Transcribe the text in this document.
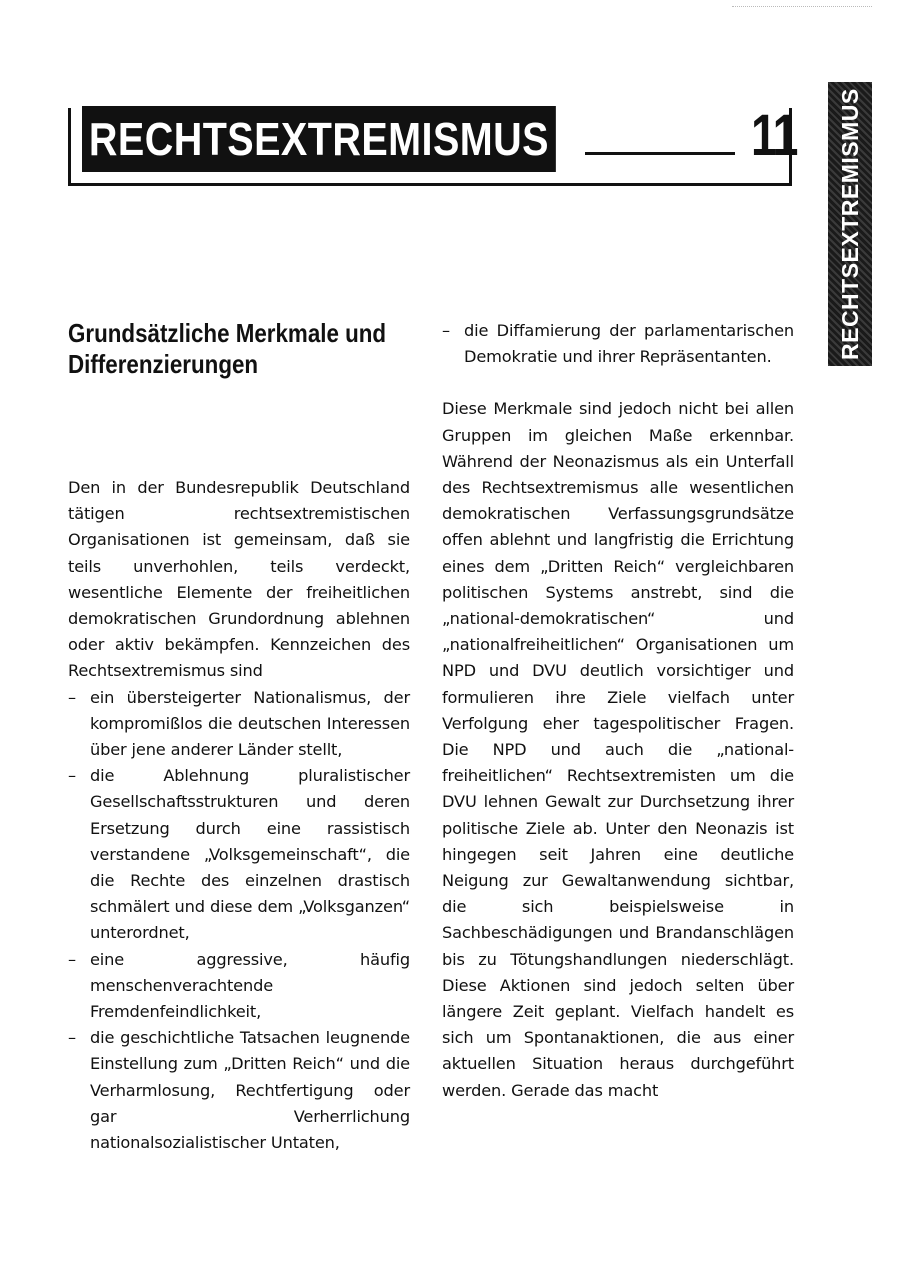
RECHTSEXTREMISMUS	11	RECHTSEXTREMISMUS
Grundsätzliche Merkmale und Differenzierungen

Den in der Bundesrepublik Deutschland tätigen rechtsextremistischen Organisationen ist gemeinsam, daß sie teils unverhohlen, teils verdeckt, wesentliche Elemente der freiheitlichen demokratischen Grundordnung ablehnen oder aktiv bekämpfen. Kennzeichen des Rechtsextremismus sind

– ein übersteigerter Nationalismus, der kompromißlos die deutschen Interessen über jene anderer Länder stellt,
– die Ablehnung pluralistischer Gesellschaftsstrukturen und deren Ersetzung durch eine rassistisch verstandene „Volksgemeinschaft“, die die Rechte des einzelnen drastisch schmälert und diese dem „Volksganzen“ unterordnet,
– eine aggressive, häufig menschenverachtende Fremdenfeindlichkeit,
– die geschichtliche Tatsachen leugnende Einstellung zum „Dritten Reich“ und die Verharmlosung, Rechtfertigung oder gar Verherrlichung nationalsozialistischer Untaten,
– die Diffamierung der parlamentarischen Demokratie und ihrer Repräsentanten.

Diese Merkmale sind jedoch nicht bei allen Gruppen im gleichen Maße erkennbar. Während der Neonazismus als ein Unterfall des Rechtsextremismus alle wesentlichen demokratischen Verfassungsgrundsätze offen ablehnt und langfristig die Errichtung eines dem „Dritten Reich“ vergleichbaren politischen Systems anstrebt, sind die „national-demokratischen“ und „nationalfreiheitlichen“ Organisationen um NPD und DVU deutlich vorsichtiger und formulieren ihre Ziele vielfach unter Verfolgung eher tagespolitischer Fragen. Die NPD und auch die „national-freiheitlichen“ Rechtsextremisten um die DVU lehnen Gewalt zur Durchsetzung ihrer politische Ziele ab. Unter den Neonazis ist hingegen seit Jahren eine deutliche Neigung zur Gewaltanwendung sichtbar, die sich beispielsweise in Sachbeschädigungen und Brandanschlägen bis zu Tötungshandlungen niederschlägt. Diese Aktionen sind jedoch selten über längere Zeit geplant. Vielfach handelt es sich um Spontanaktionen, die aus einer aktuellen Situation heraus durchgeführt werden. Gerade das macht
